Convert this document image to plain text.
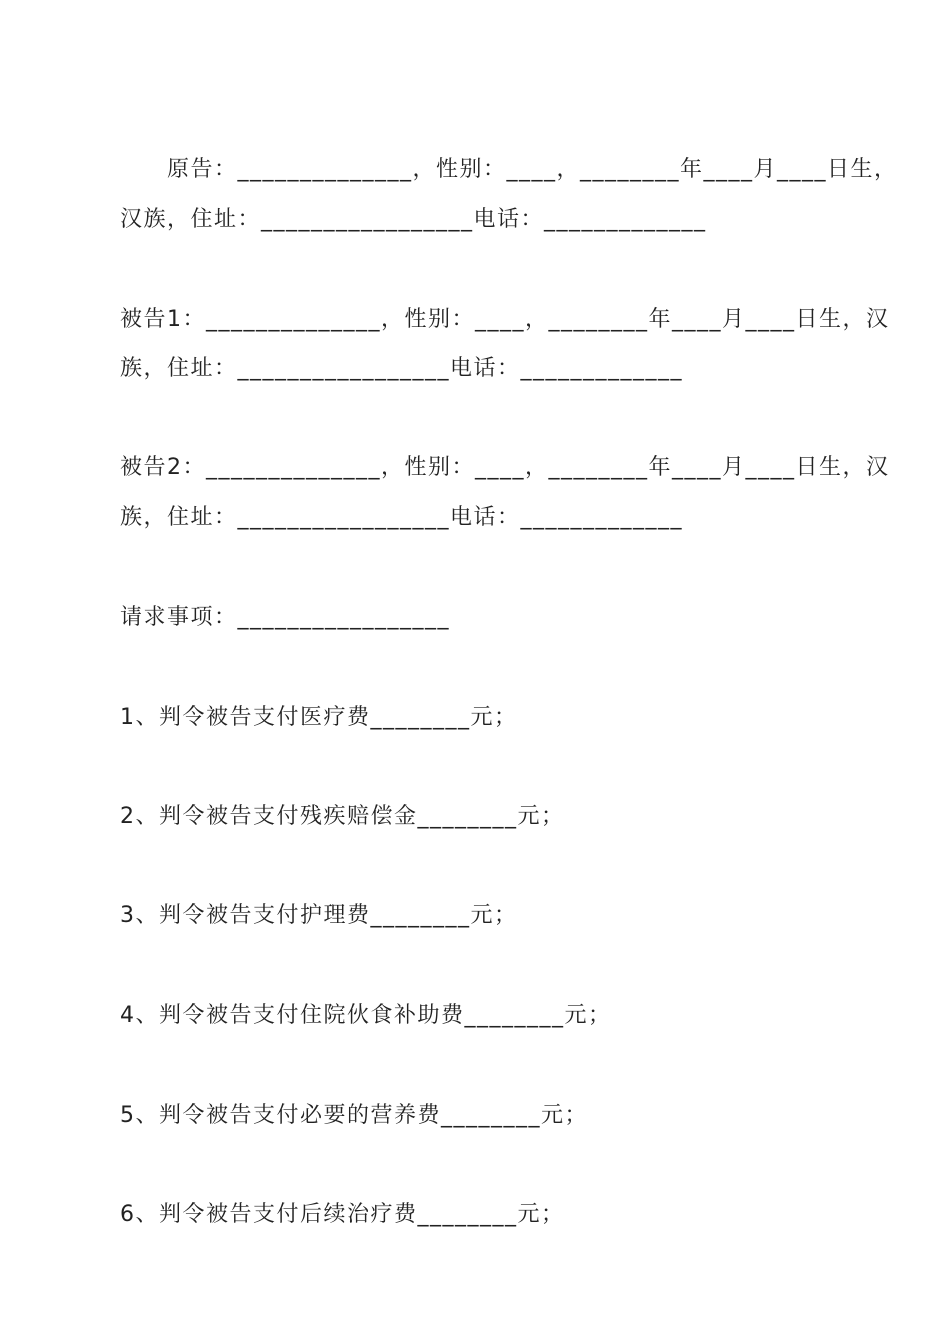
　　原告：______________，性别：____，________年____月____日生，
汉族，住址：_________________电话：_____________
被告1：______________，性别：____，________年____月____日生，汉
族，住址：_________________电话：_____________
被告2：______________，性别：____，________年____月____日生，汉
族，住址：_________________电话：_____________
请求事项：_________________
1、判令被告支付医疗费________元；
2、判令被告支付残疾赔偿金________元；
3、判令被告支付护理费________元；
4、判令被告支付住院伙食补助费________元；
5、判令被告支付必要的营养费________元；
6、判令被告支付后续治疗费________元；
